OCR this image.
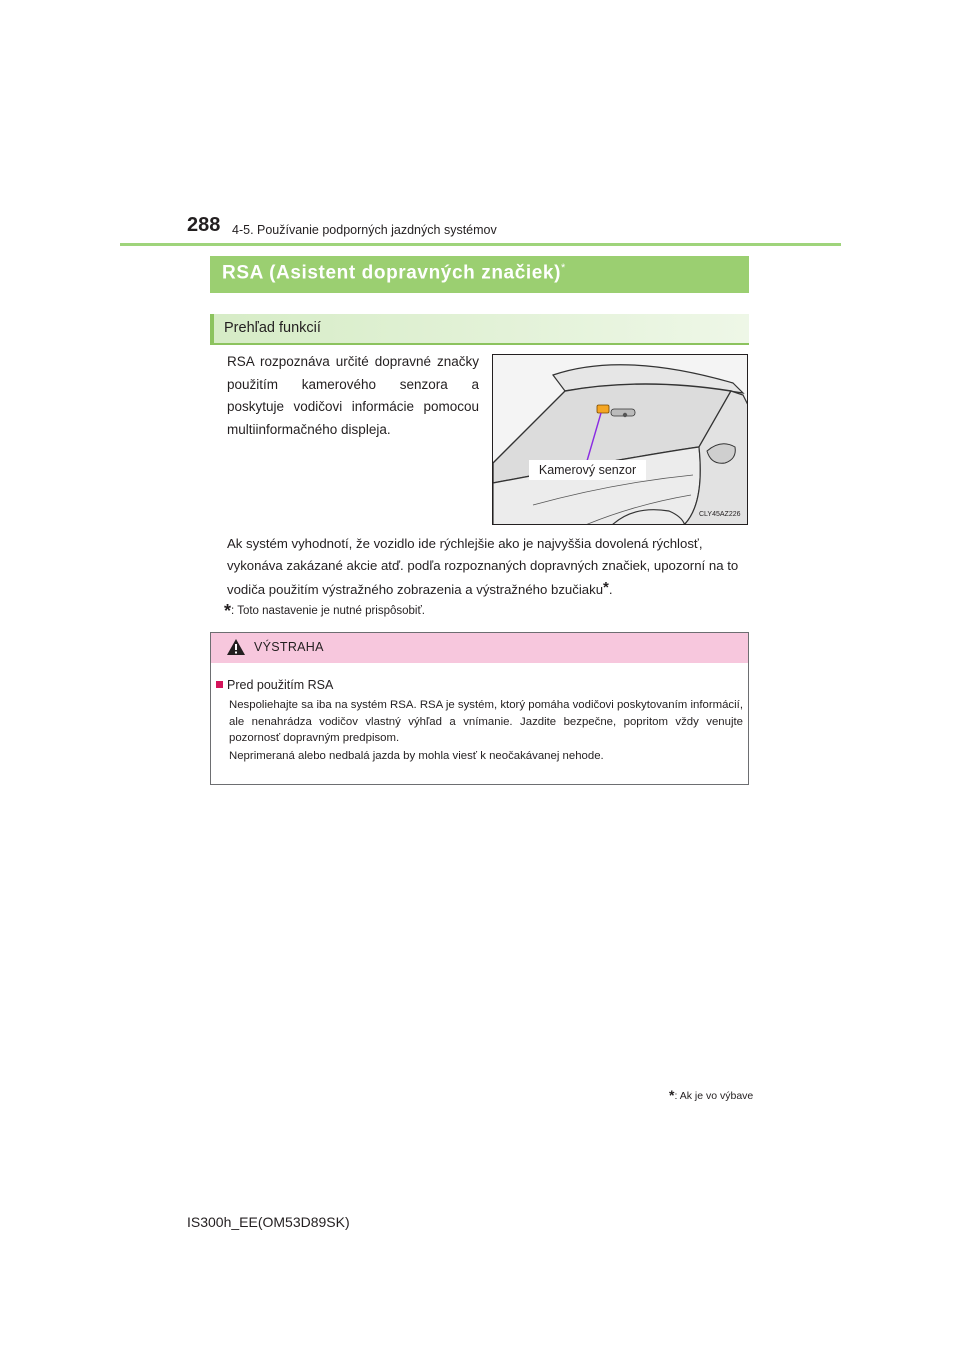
288 4-5. Používanie podporných jazdných systémov
RSA (Asistent dopravných značiek)*
Prehľad funkcií
RSA rozpoznáva určité dopravné značky použitím kamerového senzora a poskytuje vodičovi informácie pomocou multiinformačného displeja.
Kamerový senzor
CLY45AZ226
Ak systém vyhodnotí, že vozidlo ide rýchlejšie ako je najvyššia dovolená rýchlosť, vykonáva zakázané akcie atď. podľa rozpoznaných dopravných značiek, upozorní na to vodiča použitím výstražného zobrazenia a výstražného bzučiaku*.
*: Toto nastavenie je nutné prispôsobiť.
VÝSTRAHA
Pred použitím RSA
Nespoliehajte sa iba na systém RSA. RSA je systém, ktorý pomáha vodičovi poskytovaním informácií, ale nenahrádza vodičov vlastný výhľad a vnímanie. Jazdite bezpečne, popritom vždy venujte pozornosť dopravným predpisom.
Neprimeraná alebo nedbalá jazda by mohla viesť k neočakávanej nehode.
*: Ak je vo výbave
IS300h_EE(OM53D89SK)
